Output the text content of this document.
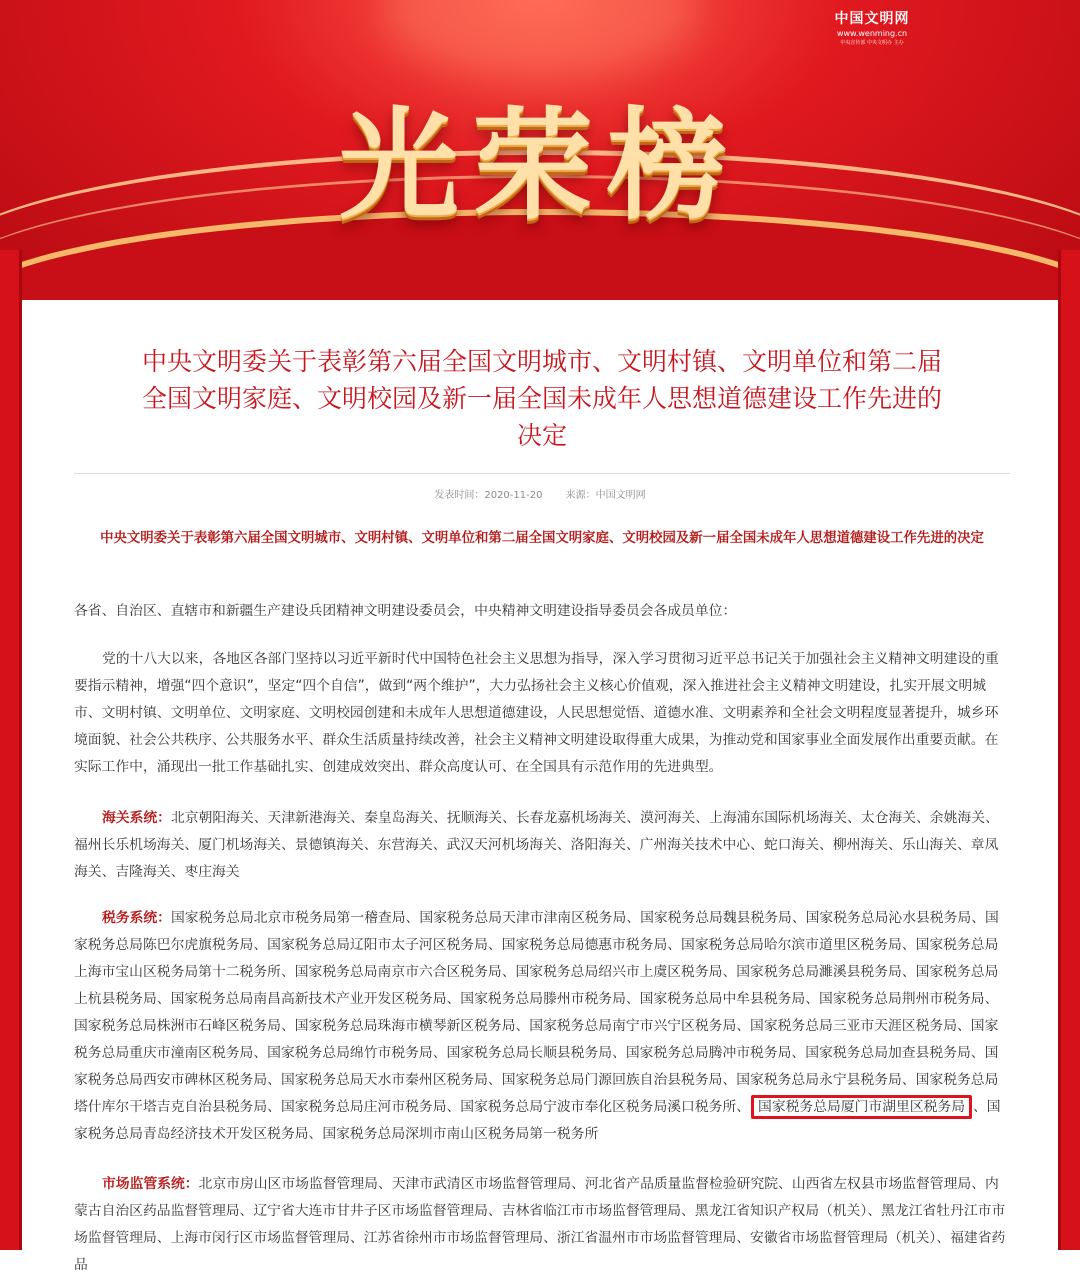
中国文明网
www.wenming.cn
中央宣传部 中央文明办 主办
光荣榜
中央文明委关于表彰第六届全国文明城市、文明村镇、文明单位和第二届
全国文明家庭、文明校园及新一届全国未成年人思想道德建设工作先进的
决定
发表时间：2020-11-20 来源：中国文明网
中央文明委关于表彰第六届全国文明城市、文明村镇、文明单位和第二届全国文明家庭、文明校园及新一届全国未成年人思想道德建设工作先进的决定

各省、自治区、直辖市和新疆生产建设兵团精神文明建设委员会，中央精神文明建设指导委员会各成员单位：

党的十八大以来，各地区各部门坚持以习近平新时代中国特色社会主义思想为指导，深入学习贯彻习近平总书记关于加强社会主义精神文明建设的重要指示精神，增强“四个意识”，坚定“四个自信”，做到“两个维护”，大力弘扬社会主义核心价值观，深入推进社会主义精神文明建设，扎实开展文明城市、文明村镇、文明单位、文明家庭、文明校园创建和未成年人思想道德建设，人民思想觉悟、道德水准、文明素养和全社会文明程度显著提升，城乡环境面貌、社会公共秩序、公共服务水平、群众生活质量持续改善，社会主义精神文明建设取得重大成果，为推动党和国家事业全面发展作出重要贡献。在实际工作中，涌现出一批工作基础扎实、创建成效突出、群众高度认可、在全国具有示范作用的先进典型。

海关系统：北京朝阳海关、天津新港海关、秦皇岛海关、抚顺海关、长春龙嘉机场海关、漠河海关、上海浦东国际机场海关、太仓海关、余姚海关、福州长乐机场海关、厦门机场海关、景德镇海关、东营海关、武汉天河机场海关、洛阳海关、广州海关技术中心、蛇口海关、柳州海关、乐山海关、章凤海关、吉隆海关、枣庄海关

税务系统：国家税务总局北京市税务局第一稽查局、国家税务总局天津市津南区税务局、国家税务总局魏县税务局、国家税务总局沁水县税务局、国家税务总局陈巴尔虎旗税务局、国家税务总局辽阳市太子河区税务局、国家税务总局德惠市税务局、国家税务总局哈尔滨市道里区税务局、国家税务总局上海市宝山区税务局第十二税务所、国家税务总局南京市六合区税务局、国家税务总局绍兴市上虞区税务局、国家税务总局濉溪县税务局、国家税务总局上杭县税务局、国家税务总局南昌高新技术产业开发区税务局、国家税务总局滕州市税务局、国家税务总局中牟县税务局、国家税务总局荆州市税务局、国家税务总局株洲市石峰区税务局、国家税务总局珠海市横琴新区税务局、国家税务总局南宁市兴宁区税务局、国家税务总局三亚市天涯区税务局、国家税务总局重庆市潼南区税务局、国家税务总局绵竹市税务局、国家税务总局长顺县税务局、国家税务总局腾冲市税务局、国家税务总局加查县税务局、国家税务总局西安市碑林区税务局、国家税务总局天水市秦州区税务局、国家税务总局门源回族自治县税务局、国家税务总局永宁县税务局、国家税务总局塔什库尔干塔吉克自治县税务局、国家税务总局庄河市税务局、国家税务总局宁波市奉化区税务局溪口税务所、 国家税务总局厦门市湖里区税务局 、国家税务总局青岛经济技术开发区税务局、国家税务总局深圳市南山区税务局第一税务所

市场监管系统：北京市房山区市场监督管理局、天津市武清区市场监督管理局、河北省产品质量监督检验研究院、山西省左权县市场监督管理局、内蒙古自治区药品监督管理局、辽宁省大连市甘井子区市场监督管理局、吉林省临江市市场监督管理局、黑龙江省知识产权局（机关）、黑龙江省牡丹江市市场监督管理局、上海市闵行区市场监督管理局、江苏省徐州市市场监督管理局、浙江省温州市市场监督管理局、安徽省市场监督管理局（机关）、福建省药品
